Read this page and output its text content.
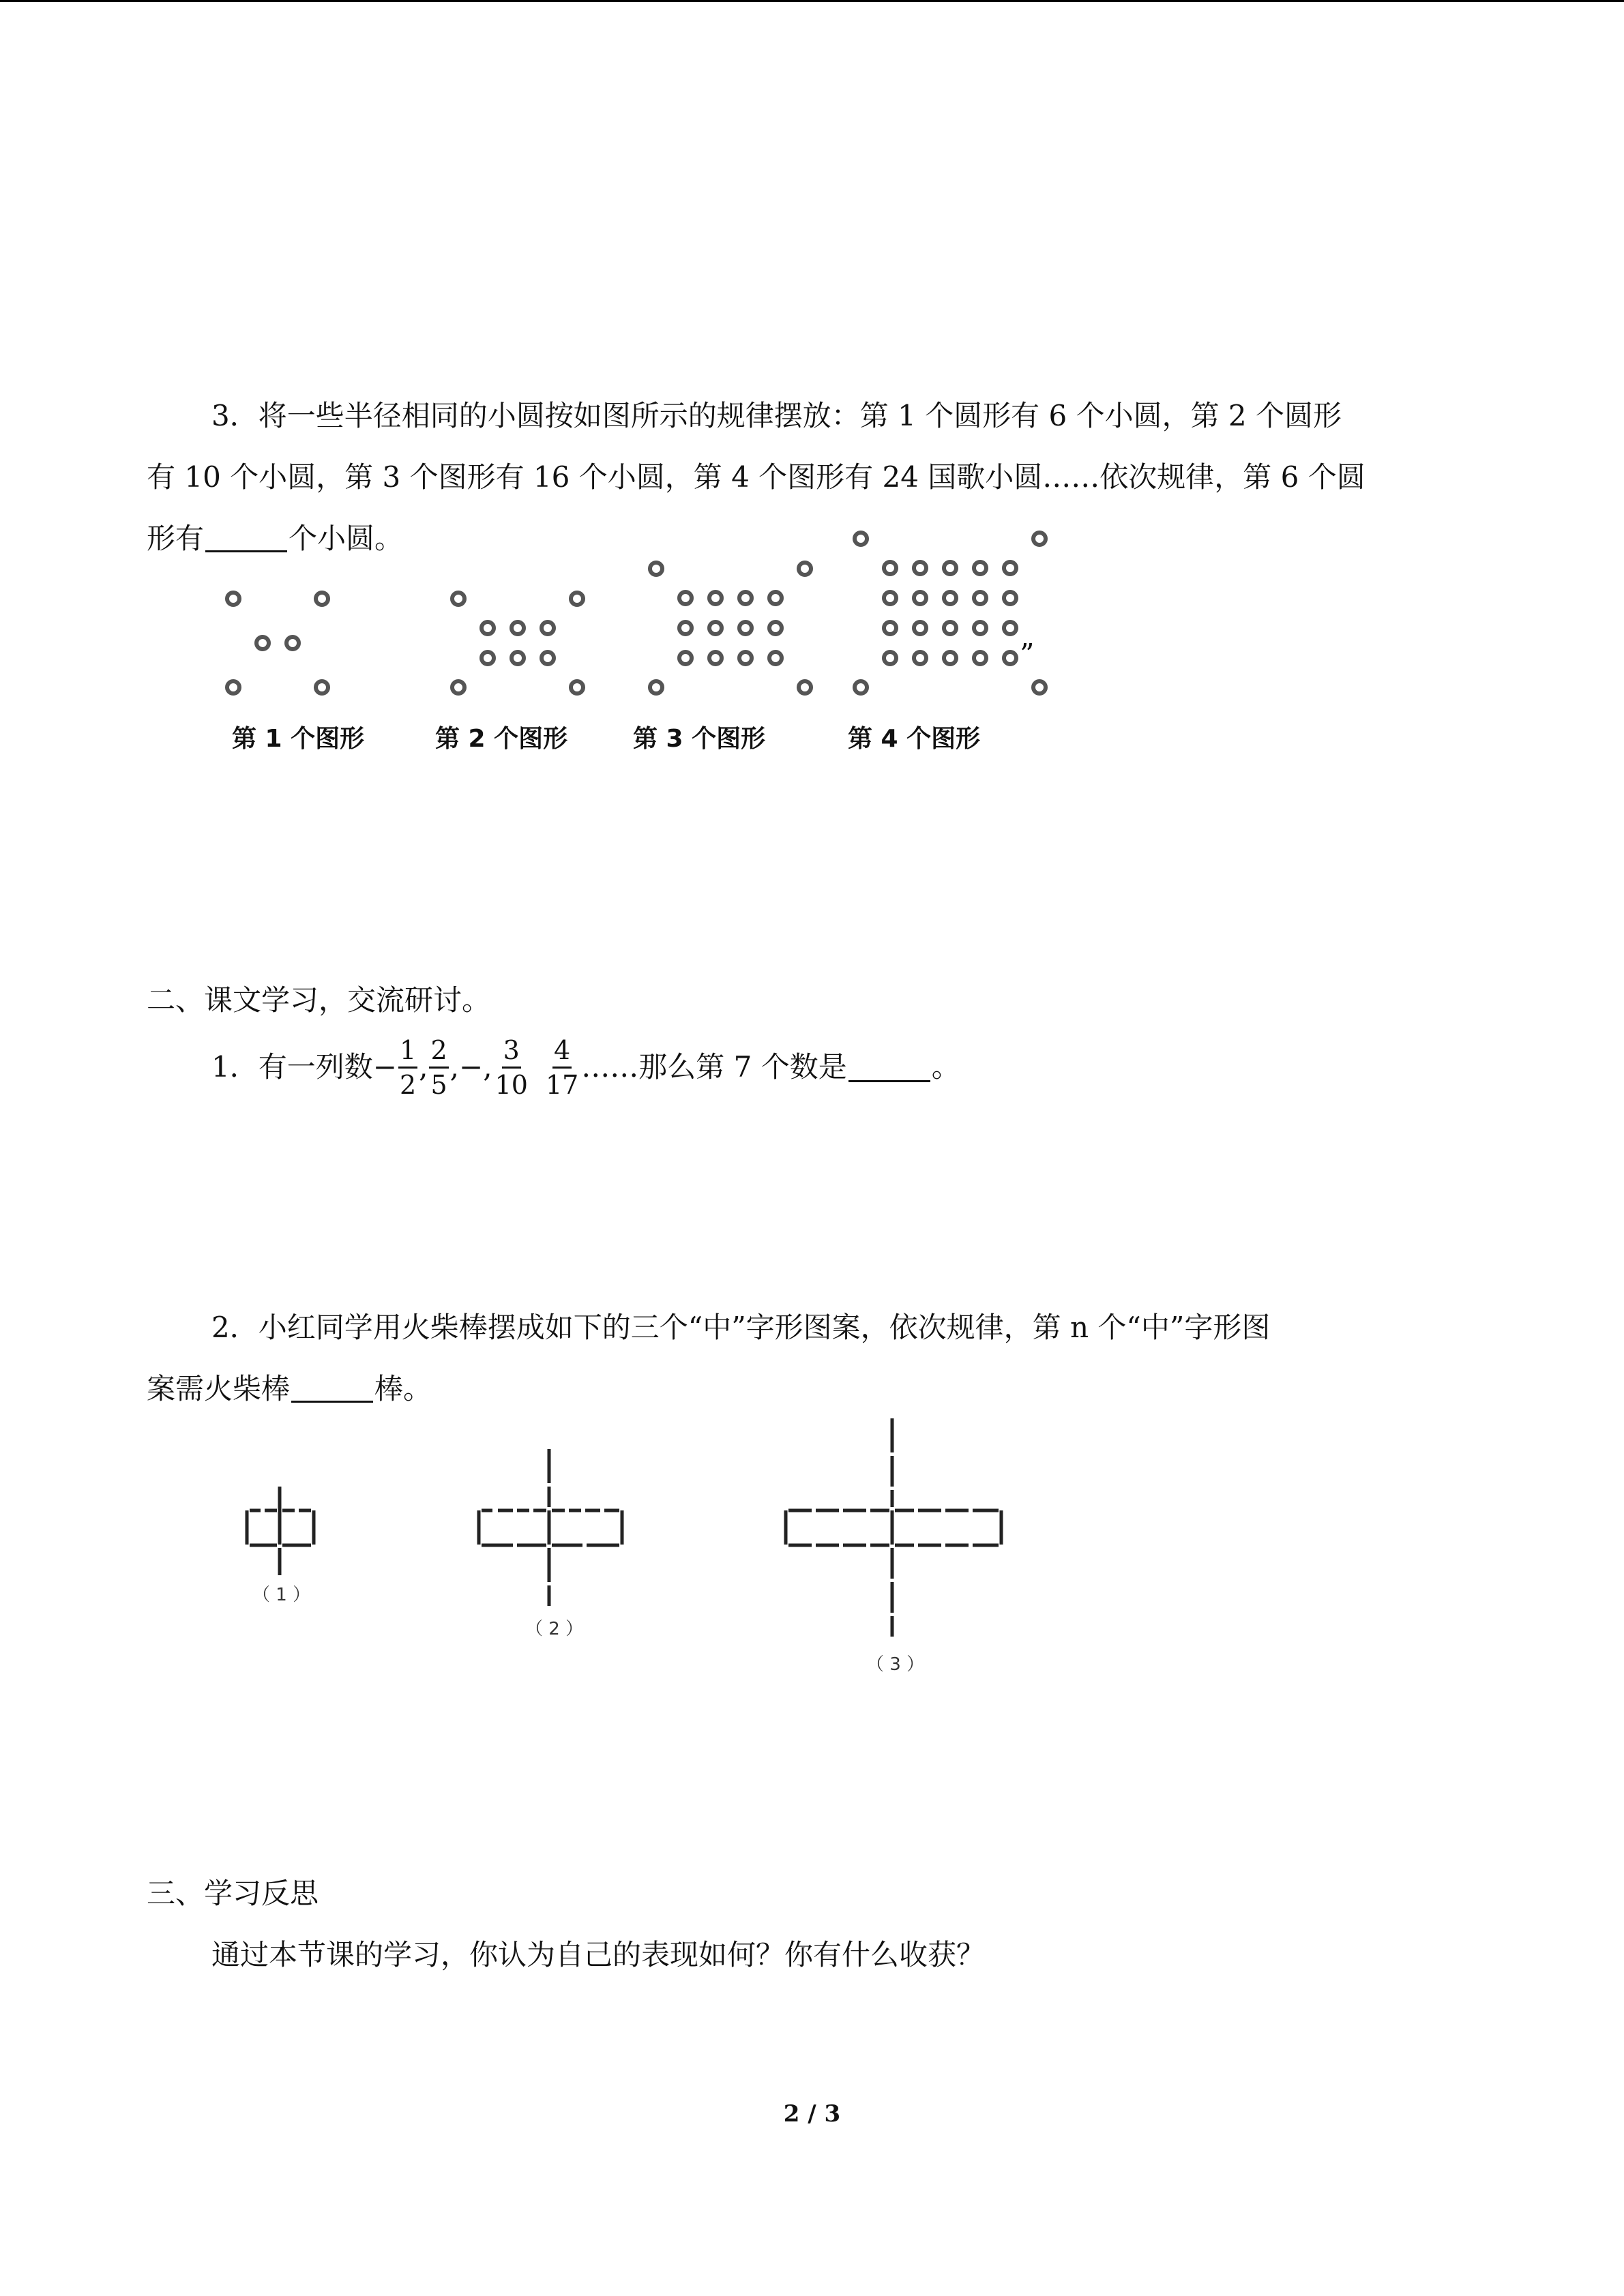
3．将一些半径相同的小圆按如图所示的规律摆放：第 1 个圆形有 6 个小圆，第 2 个圆形

有 10 个小圆，第 3 个图形有 16 个小圆，第 4 个图形有 24 国歌小圆……依次规律，第 6 个圆

形有	个小圆。

第 1 个图形	第 2 个图形	第 3 个图形	第 4 个图形
”

二、课文学习，交流研讨。

1．有一列数 − $\frac{1}{2}$ , $\frac{2}{5}$ ,−, $\frac{3}{10} \frac{4}{17}$ ……那么第 7 个数是	。

2．小红同学用火柴棒摆成如下的三个“中”字形图案，依次规律，第 n 个“中”字形图

案需火柴棒	棒。

（ 1 ）
（ 2 ）
（ 3 ）

三、学习反思

通过本节课的学习，你认为自己的表现如何？你有什么收获？

2 / 3
